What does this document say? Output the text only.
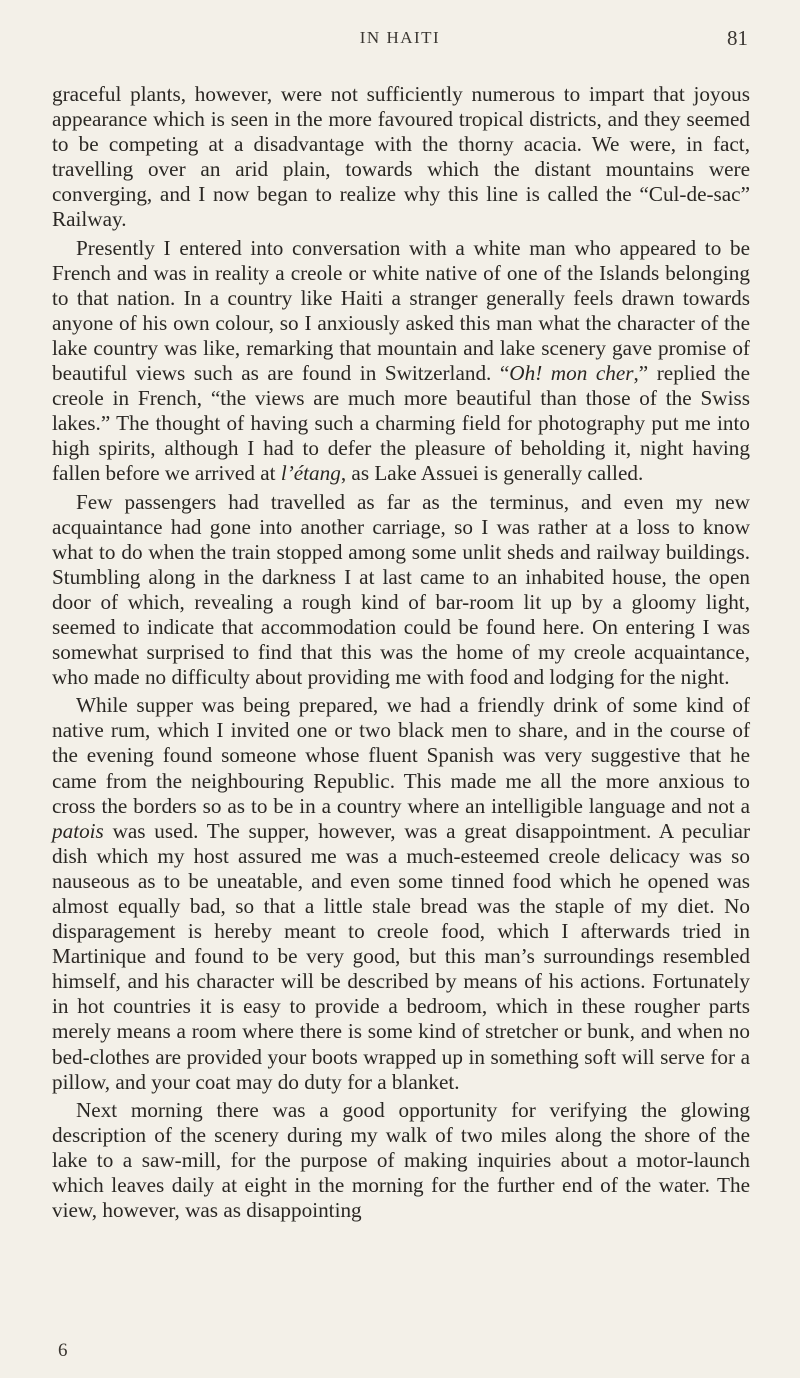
IN HAITI	81

graceful plants, however, were not sufficiently numerous to impart that joyous appearance which is seen in the more favoured tropical districts, and they seemed to be competing at a disadvantage with the thorny acacia. We were, in fact, travelling over an arid plain, towards which the distant mountains were converging, and I now began to realize why this line is called the “Cul-de-sac” Railway.

Presently I entered into conversation with a white man who appeared to be French and was in reality a creole or white native of one of the Islands belonging to that nation. In a country like Haiti a stranger generally feels drawn towards anyone of his own colour, so I anxiously asked this man what the character of the lake country was like, remarking that mountain and lake scenery gave promise of beautiful views such as are found in Switzerland. “Oh! mon cher,” replied the creole in French, “the views are much more beautiful than those of the Swiss lakes.” The thought of having such a charming field for photography put me into high spirits, although I had to defer the pleasure of beholding it, night having fallen before we arrived at l’étang, as Lake Assuei is generally called.

Few passengers had travelled as far as the terminus, and even my new acquaintance had gone into another carriage, so I was rather at a loss to know what to do when the train stopped among some unlit sheds and railway buildings. Stumbling along in the darkness I at last came to an inhabited house, the open door of which, revealing a rough kind of bar-room lit up by a gloomy light, seemed to indicate that accommodation could be found here. On entering I was somewhat surprised to find that this was the home of my creole acquaintance, who made no difficulty about providing me with food and lodging for the night.

While supper was being prepared, we had a friendly drink of some kind of native rum, which I invited one or two black men to share, and in the course of the evening found someone whose fluent Spanish was very suggestive that he came from the neighbouring Republic. This made me all the more anxious to cross the borders so as to be in a country where an intelligible language and not a patois was used. The supper, however, was a great disappointment. A peculiar dish which my host assured me was a much-esteemed creole delicacy was so nauseous as to be uneatable, and even some tinned food which he opened was almost equally bad, so that a little stale bread was the staple of my diet. No disparagement is hereby meant to creole food, which I afterwards tried in Martinique and found to be very good, but this man’s surroundings resembled himself, and his character will be described by means of his actions. Fortunately in hot countries it is easy to provide a bedroom, which in these rougher parts merely means a room where there is some kind of stretcher or bunk, and when no bed-clothes are provided your boots wrapped up in something soft will serve for a pillow, and your coat may do duty for a blanket.

Next morning there was a good opportunity for verifying the glowing description of the scenery during my walk of two miles along the shore of the lake to a saw-mill, for the purpose of making inquiries about a motor-launch which leaves daily at eight in the morning for the further end of the water. The view, however, was as disappointing

6
